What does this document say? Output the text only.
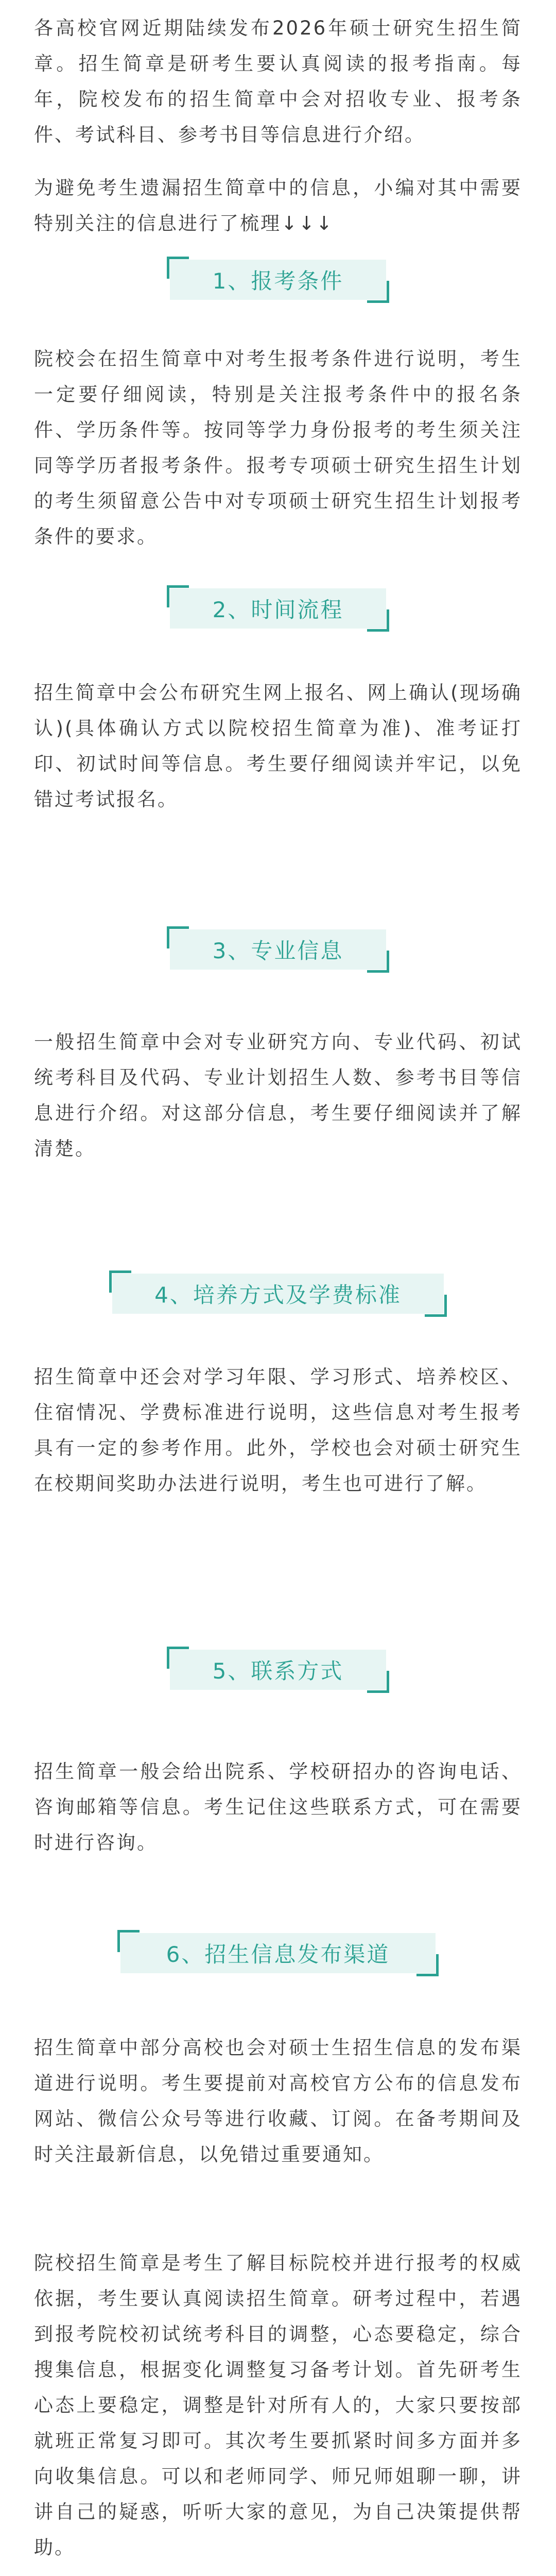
各高校官网近期陆续发布2026年硕士研究生招生简章。招生简章是研考生要认真阅读的报考指南。每年，院校发布的招生简章中会对招收专业、报考条件、考试科目、参考书目等信息进行介绍。

为避免考生遗漏招生简章中的信息，小编对其中需要特别关注的信息进行了梳理↓↓↓

1、报考条件

院校会在招生简章中对考生报考条件进行说明，考生一定要仔细阅读，特别是关注报考条件中的报名条件、学历条件等。按同等学力身份报考的考生须关注同等学历者报考条件。报考专项硕士研究生招生计划的考生须留意公告中对专项硕士研究生招生计划报考条件的要求。

2、时间流程

招生简章中会公布研究生网上报名、网上确认(现场确认)(具体确认方式以院校招生简章为准)、准考证打印、初试时间等信息。考生要仔细阅读并牢记，以免错过考试报名。

3、专业信息

一般招生简章中会对专业研究方向、专业代码、初试统考科目及代码、专业计划招生人数、参考书目等信息进行介绍。对这部分信息，考生要仔细阅读并了解清楚。

4、培养方式及学费标准

招生简章中还会对学习年限、学习形式、培养校区、住宿情况、学费标准进行说明，这些信息对考生报考具有一定的参考作用。此外，学校也会对硕士研究生在校期间奖助办法进行说明，考生也可进行了解。

5、联系方式

招生简章一般会给出院系、学校研招办的咨询电话、咨询邮箱等信息。考生记住这些联系方式，可在需要时进行咨询。

6、招生信息发布渠道

招生简章中部分高校也会对硕士生招生信息的发布渠道进行说明。考生要提前对高校官方公布的信息发布网站、微信公众号等进行收藏、订阅。在备考期间及时关注最新信息，以免错过重要通知。

院校招生简章是考生了解目标院校并进行报考的权威依据，考生要认真阅读招生简章。研考过程中，若遇到报考院校初试统考科目的调整，心态要稳定，综合搜集信息，根据变化调整复习备考计划。首先研考生心态上要稳定，调整是针对所有人的，大家只要按部就班正常复习即可。其次考生要抓紧时间多方面并多向收集信息。可以和老师同学、师兄师姐聊一聊，讲讲自己的疑惑，听听大家的意见，为自己决策提供帮助。
